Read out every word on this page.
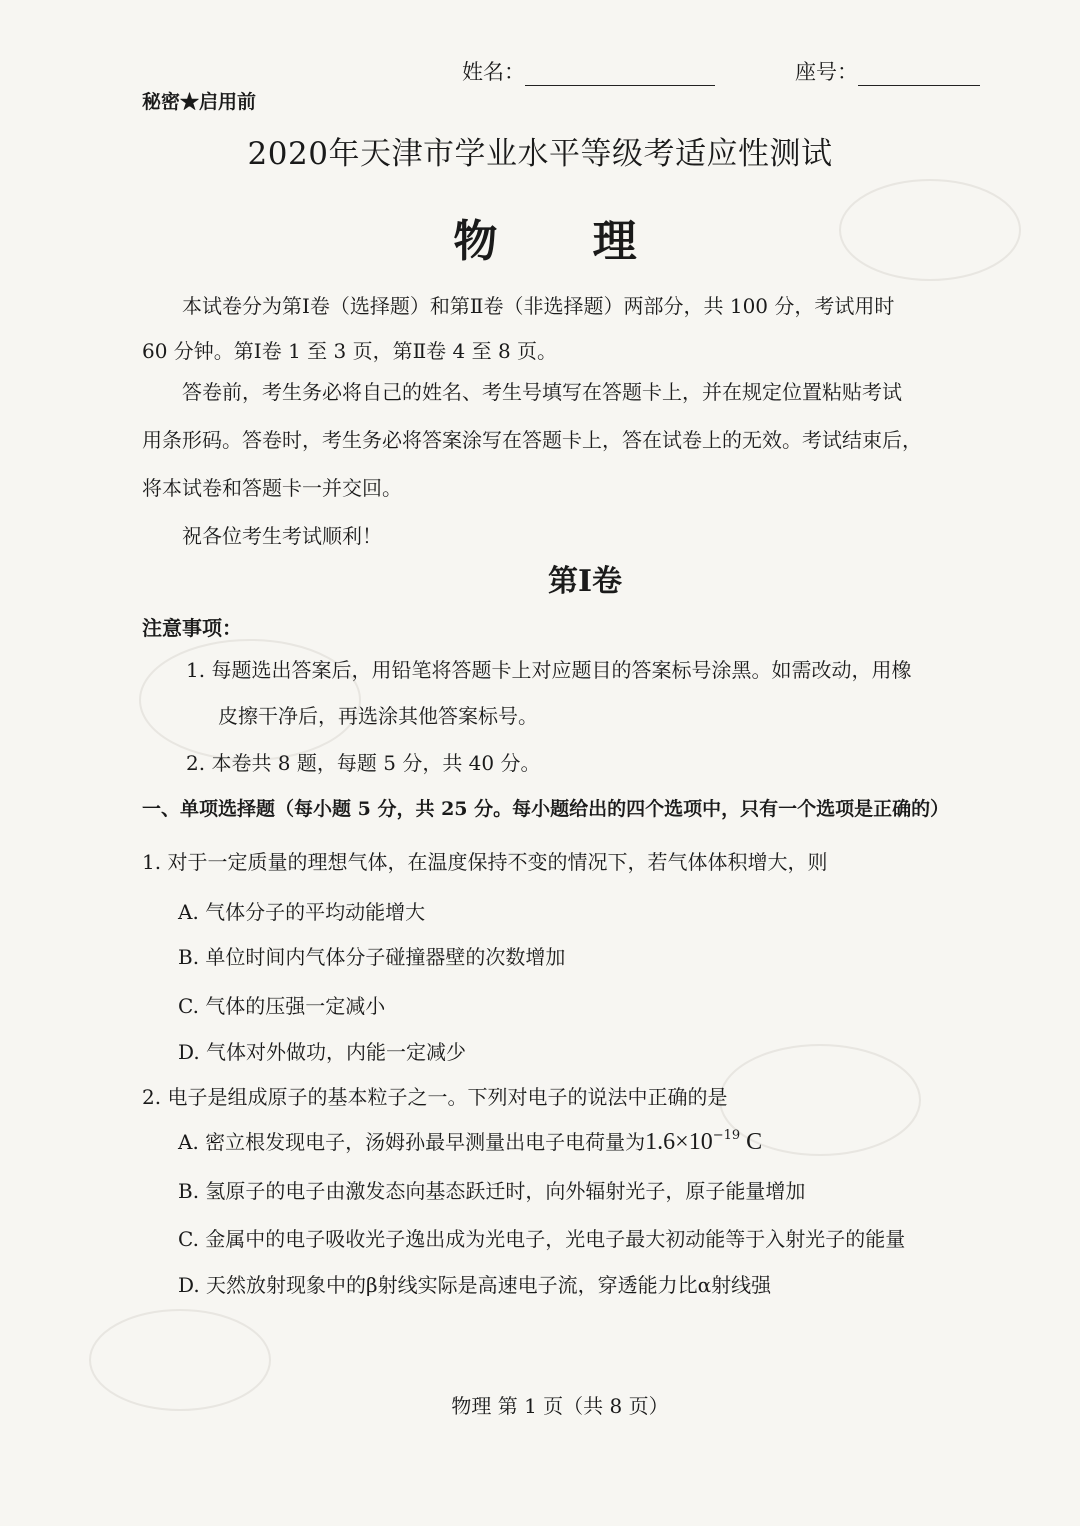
姓名：	座号：
秘密★启用前
2020年天津市学业水平等级考适应性测试
物 理
本试卷分为第Ⅰ卷（选择题）和第Ⅱ卷（非选择题）两部分，共 100 分，考试用时
60 分钟。第Ⅰ卷 1 至 3 页，第Ⅱ卷 4 至 8 页。
答卷前，考生务必将自己的姓名、考生号填写在答题卡上，并在规定位置粘贴考试
用条形码。答卷时，考生务必将答案涂写在答题卡上，答在试卷上的无效。考试结束后，
将本试卷和答题卡一并交回。
祝各位考生考试顺利！
第Ⅰ卷
注意事项：
1. 每题选出答案后，用铅笔将答题卡上对应题目的答案标号涂黑。如需改动，用橡
皮擦干净后，再选涂其他答案标号。
2. 本卷共 8 题，每题 5 分，共 40 分。
一、单项选择题（每小题 5 分，共 25 分。每小题给出的四个选项中，只有一个选项是正确的）
1. 对于一定质量的理想气体，在温度保持不变的情况下，若气体体积增大，则
A. 气体分子的平均动能增大
B. 单位时间内气体分子碰撞器壁的次数增加
C. 气体的压强一定减小
D. 气体对外做功，内能一定减少
2. 电子是组成原子的基本粒子之一。下列对电子的说法中正确的是
A. 密立根发现电子，汤姆孙最早测量出电子电荷量为$1.6\times 10^{-19}$ C
B. 氢原子的电子由激发态向基态跃迁时，向外辐射光子，原子能量增加
C. 金属中的电子吸收光子逸出成为光电子，光电子最大初动能等于入射光子的能量
D. 天然放射现象中的β射线实际是高速电子流，穿透能力比α射线强
物理 第 1 页（共 8 页）
